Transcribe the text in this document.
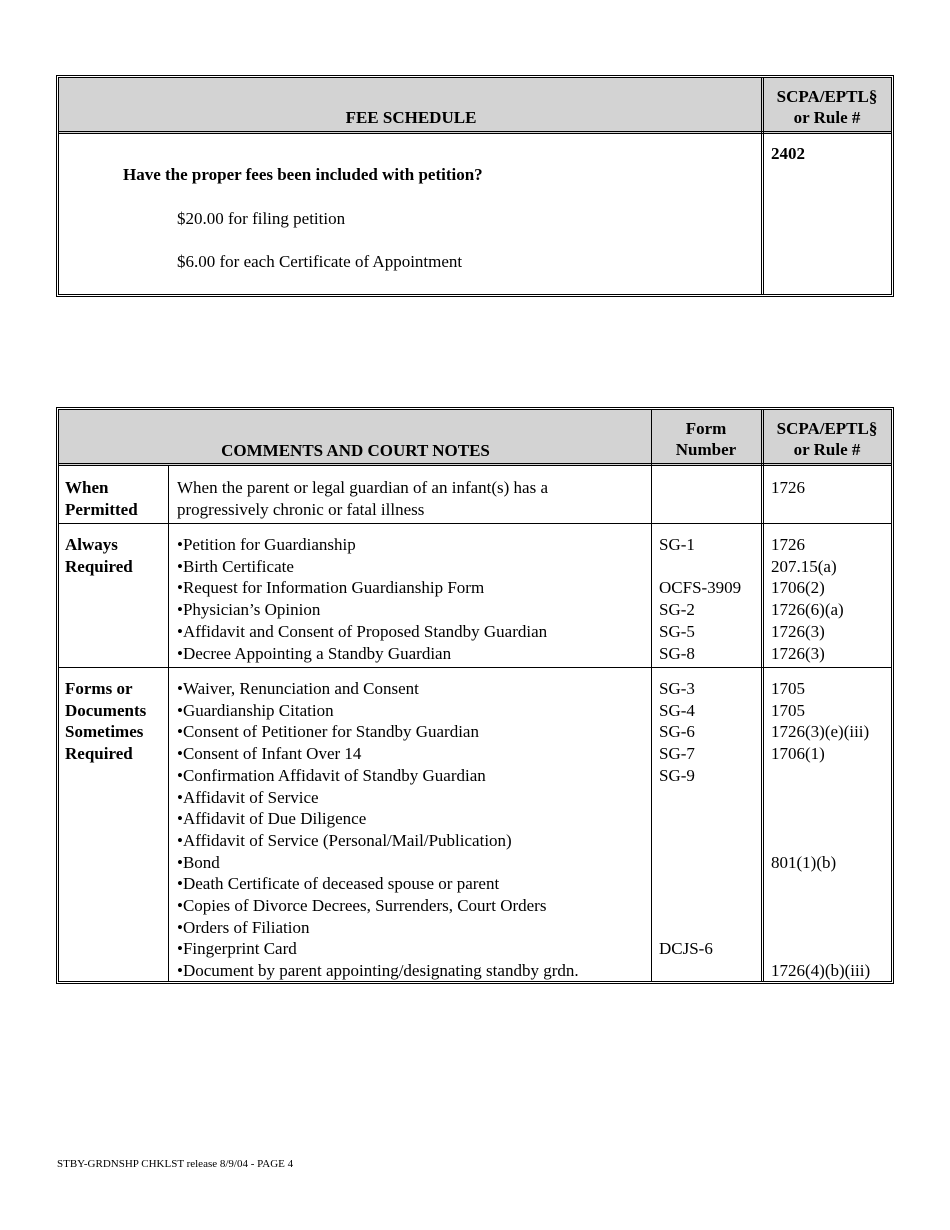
FEE SCHEDULE
SCPA/EPTL§
or Rule #
Have the proper fees been included with petition?
$20.00 for filing petition
$6.00 for each Certificate of Appointment
2402
COMMENTS AND COURT NOTES
Form
Number
SCPA/EPTL§
or Rule #
When
Permitted
When the parent or legal guardian of an infant(s) has a
progressively chronic or fatal illness
1726
Always
Required
•Petition for Guardianship
•Birth Certificate
•Request for Information Guardianship Form
•Physician’s Opinion
•Affidavit and Consent of Proposed Standby Guardian
•Decree Appointing a Standby Guardian
SG-1

OCFS-3909
SG-2
SG-5
SG-8
1726
207.15(a)
1706(2)
1726(6)(a)
1726(3)
1726(3)
Forms or
Documents
Sometimes
Required
•Waiver, Renunciation and Consent
•Guardianship Citation
•Consent of Petitioner for Standby Guardian
•Consent of Infant Over 14
•Confirmation Affidavit of Standby Guardian
•Affidavit of Service
•Affidavit of Due Diligence
•Affidavit of Service (Personal/Mail/Publication)
•Bond
•Death Certificate of deceased spouse or parent
•Copies of Divorce Decrees, Surrenders, Court Orders
•Orders of Filiation
•Fingerprint Card
•Document by parent appointing/designating standby grdn.
SG-3
SG-4
SG-6
SG-7
SG-9

DCJS-6

1705
1705
1726(3)(e)(iii)
1706(1)

801(1)(b)

1726(4)(b)(iii)
STBY-GRDNSHP CHKLST release 8/9/04 - PAGE 4
